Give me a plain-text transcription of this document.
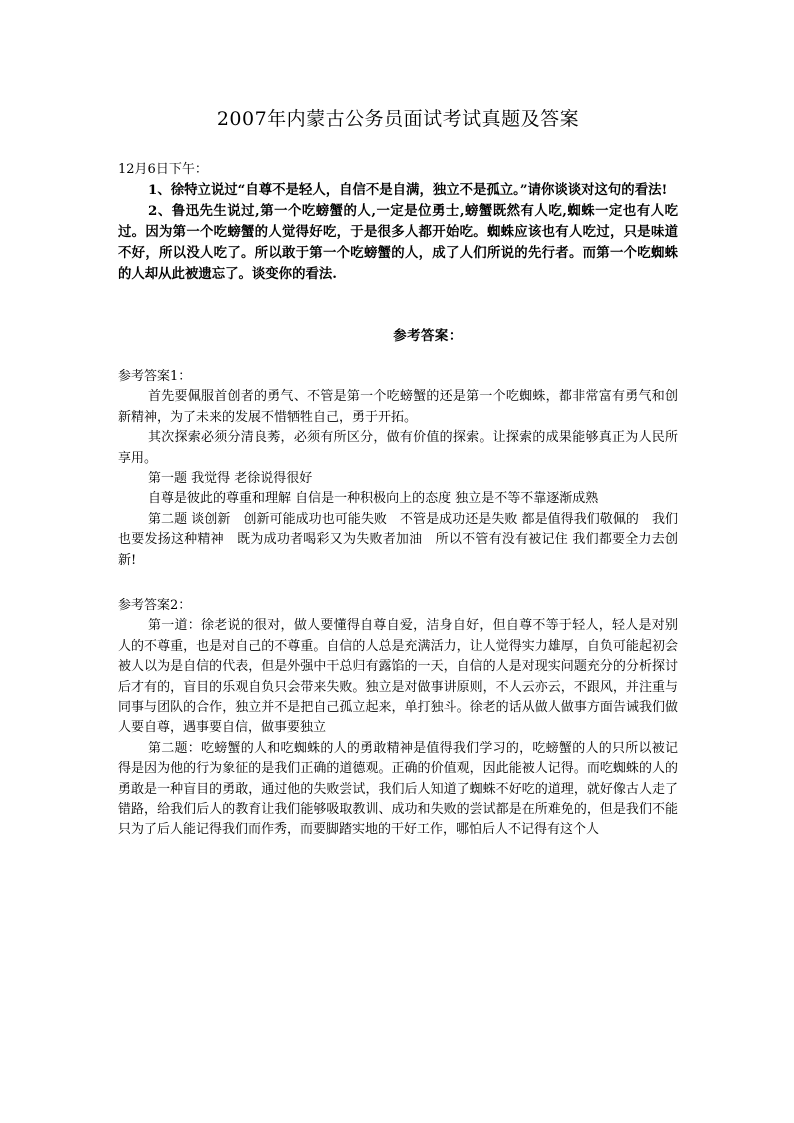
2007年内蒙古公务员面试考试真题及答案
12月6日下午：

1、徐特立说过“自尊不是轻人，自信不是自满，独立不是孤立。”请你谈谈对这句的看法!

2、鲁迅先生说过,第一个吃螃蟹的人,一定是位勇士,螃蟹既然有人吃,蜘蛛一定也有人吃过。因为第一个吃螃蟹的人觉得好吃，于是很多人都开始吃。蜘蛛应该也有人吃过，只是味道不好，所以没人吃了。所以敢于第一个吃螃蟹的人，成了人们所说的先行者。而第一个吃蜘蛛的人却从此被遗忘了。谈变你的看法.

参考答案：

参考答案1：

首先要佩服首创者的勇气、不管是第一个吃螃蟹的还是第一个吃蜘蛛，都非常富有勇气和创新精神，为了未来的发展不惜牺牲自己，勇于开拓。

其次探索必须分清良莠，必须有所区分，做有价值的探索。让探索的成果能够真正为人民所享用。

第一题 我觉得 老徐说得很好

自尊是彼此的尊重和理解 自信是一种积极向上的态度 独立是不等不靠逐渐成熟

第二题 谈创新　创新可能成功也可能失败　不管是成功还是失败 都是值得我们敬佩的　我们也要发扬这种精神　既为成功者喝彩又为失败者加油　所以不管有没有被记住 我们都要全力去创新!

参考答案2：

第一道：徐老说的很对，做人要懂得自尊自爱，洁身自好，但自尊不等于轻人，轻人是对别人的不尊重，也是对自己的不尊重。自信的人总是充满活力，让人觉得实力雄厚，自负可能起初会被人以为是自信的代表，但是外强中干总归有露馅的一天，自信的人是对现实问题充分的分析探讨后才有的，盲目的乐观自负只会带来失败。独立是对做事讲原则，不人云亦云，不跟风，并注重与同事与团队的合作，独立并不是把自己孤立起来，单打独斗。徐老的话从做人做事方面告诫我们做人要自尊，遇事要自信，做事要独立

第二题：吃螃蟹的人和吃蜘蛛的人的勇敢精神是值得我们学习的，吃螃蟹的人的只所以被记得是因为他的行为象征的是我们正确的道德观。正确的价值观，因此能被人记得。而吃蜘蛛的人的勇敢是一种盲目的勇敢，通过他的失败尝试，我们后人知道了蜘蛛不好吃的道理，就好像古人走了错路，给我们后人的教育让我们能够吸取教训、成功和失败的尝试都是在所难免的，但是我们不能只为了后人能记得我们而作秀，而要脚踏实地的干好工作，哪怕后人不记得有这个人
